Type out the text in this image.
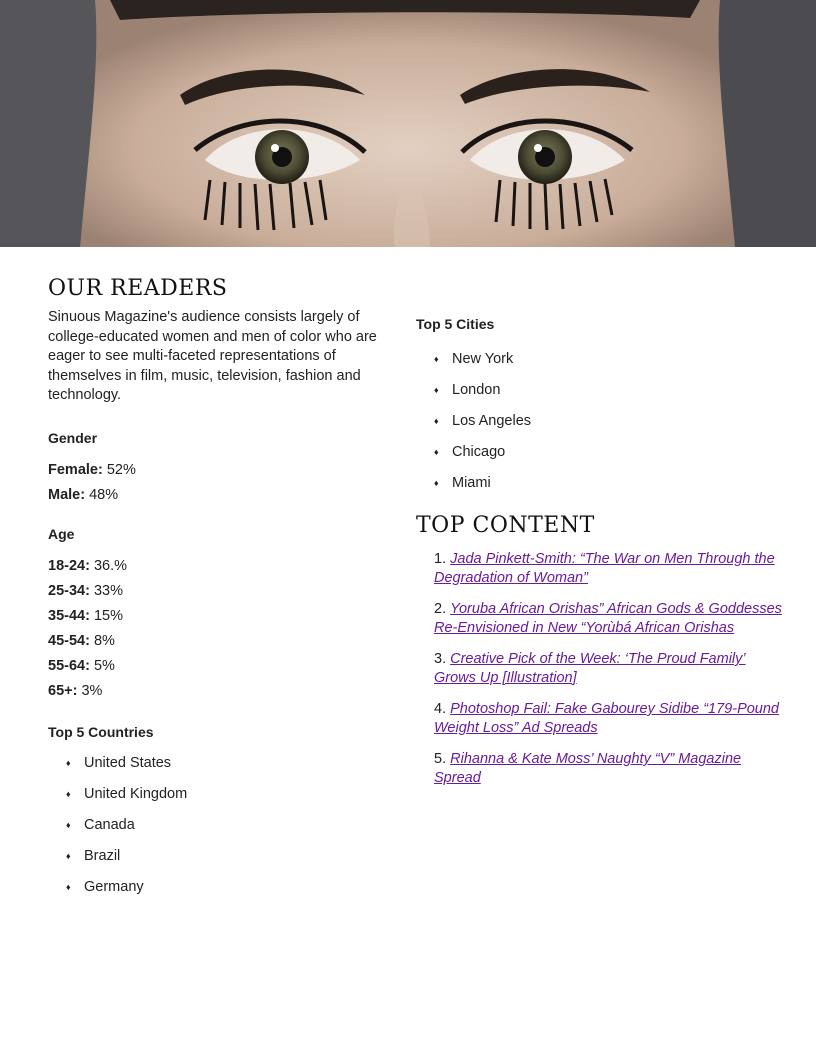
OUR READERS

Sinuous Magazine's audience consists largely of college-educated women and men of color who are eager to see multi-faceted representations of themselves in film, music, television, fashion and technology.

Gender

Female: 52%
Male: 48%

Age

18-24: 36.%
25-34: 33%
35-44: 15%
45-54: 8%
55-64: 5%
65+: 3%

Top 5 Countries

♦ United States
♦ United Kingdom
♦ Canada
♦ Brazil
♦ Germany

Top 5 Cities

♦ New York
♦ London
♦ Los Angeles
♦ Chicago
♦ Miami
TOP CONTENT
1. Jada Pinkett-Smith: “The War on Men Through the Degradation of Woman”
2. Yoruba African Orishas” African Gods & Goddesses Re-Envisioned in New “Yorùbá African Orishas
3. Creative Pick of the Week: ‘The Proud Family’ Grows Up [Illustration]
4. Photoshop Fail: Fake Gabourey Sidibe “179-Pound Weight Loss” Ad Spreads
5. Rihanna & Kate Moss’ Naughty “V” Magazine Spread
